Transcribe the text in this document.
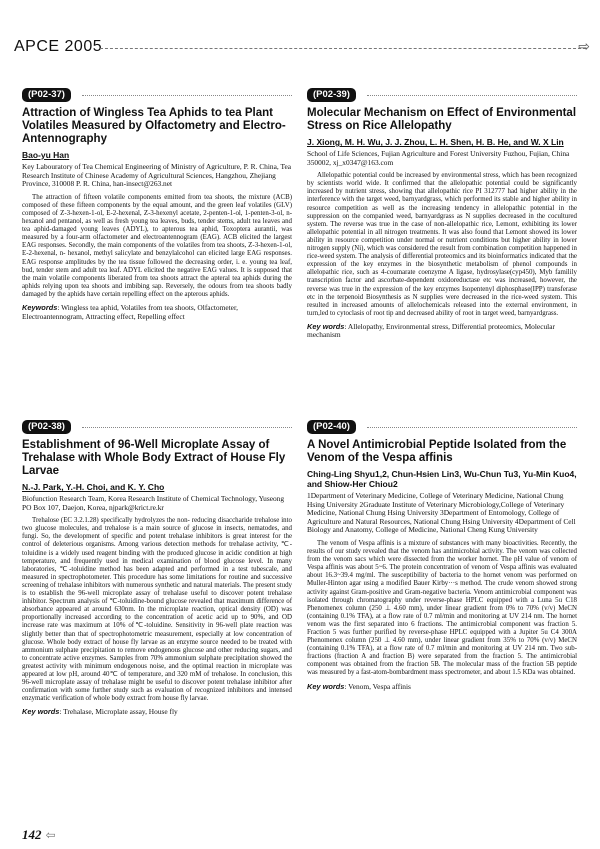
APCE 2005	⇨
(P02-37)
Attraction of Wingless Tea Aphids to tea Plant Volatiles Measured by Olfactometry and Electro-Antennography
Bao-yu Han
Key Labouratory of Tea Chemical Engineering of Ministry of Agriculture, P. R. China, Tea Research Institute of Chinese Academy of Agricultural Sciences, Hangzhou, Zhejiang Province, 310008 P. R. China, han-insect@263.net
The attraction of fifteen volatile components emitted from tea shoots, the mixture (ACB) composed of these fifteen components by the equal amount, and the green leaf volatiles (GLV) composed of Z-3-hexen-1-ol, E-2-hexenal, Z-3-hexenyl acetate, 2-penten-1-ol, 1-penten-3-ol, n-hexanol and pentanol, as well as fresh young tea leaves, buds, tender stems, adult tea leaves and tea aphid-damaged young leaves (ADYL), to apterous tea aphid, Toxoptera aurantii, was measured by a four-arm olfactometer and electroantennogram (EAG). ACB elicited the largest EAG responses. Secondly, the main components of the volatiles from tea shoots, Z-3-hexen-1-ol, E-2-hexenal, n- hexanol, methyl salicylate and benzylalcohol can elicited large EAG responses. EAG response amplitudes by the tea tissue followed the decreasing order, i. e. young tea leaf, bud, tender stem and adult tea leaf. ADYL elicited the negative EAG values. It is supposed that the main volatile components liberated from tea shoots attract the apteral tea aphids during the aphids relying upon tea shoots and imbibing sap. Reversely, the odours from tea shoots badly damaged by the aphids have certain repelling effect on the apterous aphids.
Keywords: Wingless tea aphid, Volatiles from tea shoots, Olfactometer, Electroantennogram, Attracting effect, Repelling effect
(P02-38)
Establishment of 96-Well Microplate Assay of Trehalase with Whole Body Extract of House Fly Larvae
N.-J. Park, Y.-H. Choi, and K. Y. Cho
Biofunction Research Team, Korea Research Institute of Chemical Technology, Yuseong PO Box 107, Daejon, Korea, njpark@krict.re.kr
Trehalose (EC 3.2.1.28) specifically hydrolyzes the non- reducing disaccharide trehalose into two glucose molecules, and trehalose is a main source of glucose in insects, nematodes, and fungi. So, the development of specific and potent trehalase inhibitors is great interest for the control of deleterious organisms. Among various detection methods for trehalase activity, ℃-toluidine is a widely used reagent binding with the produced glucose in acidic condition at high temperature, and frequently used in medical examination of blood glucose level. In many laboratories, ℃-toluidine method has been adapted and performed in a test tubescale, and measured in spectrophotometer. This procedure has some limitations for routine and successive screening of trehalase inhibitors with numerous synthetic and natural materials. The present study is to establish the 96-well microplate assay of trehalase useful to discover potent trehalase inhibitor. Spectrum analysis of ℃-toluidine-bound glucose revealed that maximum difference of absorbance appeared at around 630nm. In the microplate reaction, optical density (OD) was proportionally increased according to the concentration of acetic acid up to 90%, and OD increase rate was maximum at 10% of℃-toluidine. Sensitivity in 96-well plate reaction was slightly better than that of spectrophotometric measurement, especially at low concentration of glucose. Whole body extract of house fly larvae as an enzyme source needed to be treated with ammonium sulphate precipitation to remove endogenous glucose and other reducing sugars, and to concentrate active enzymes. Samples from 70% ammonium sulphate precipitation showed the greatest activity with minimum endogenous noise, and the optimal reaction in microplate was appeared at low pH, around 40℃ of temperature, and 320 mM of trehalose. In conclusion, this 96-well microplate assay of trehalase might be useful to discover potent trehalase inhibitor after confirmation with some further study such as evaluation of recognized inhibitors and intensed enzymatic verification of whole body extract from house fly larvae.
Key words: Trehalase, Microplate assay, House fly
(P02-39)
Molecular Mechanism on Effect of Environmental Stress on Rice Allelopathy
J. Xiong, M. H. Wu, J. J. Zhou, L. H. Shen, H. B. He, and W. X Lin
School of Life Sciences, Fujian Agriculture and Forest University Fuzhou, Fujian, China 350002, xj_x0347@163.com
Allelopathic potential could be increased by environmental stress, which has been recognized by scientists world wide. It confirmed that the allelopathic potential could be significantly increased by nutrient stress, showing that allelopathic rice PI 312777 had higher ability in the interference with the target weed, barnyardgrass, which performed its stable and higher ability in resource competition as well as the increasing tendency in allelopathic potential in the suppression on the companied weed, barnyardgrass as N supplies decreased in the cocultured system. The reverse was true in the case of non-allelopathic rice, Lemont, exhibiting its lower allelopathic potential in all nitrogen treatments. It was also found that Lemont showed its lower ability in resource competition under normal or nutrient conditions but higher ability in lower nitrogen supply (Ni), which was considered the result from combination competition happened in rice-weed system. The analysis of differential proteomics and its bioinformatics indicated that the expression of the key enzymes in the biosynthetic metabolism of phenol compounds in allelopathic rice, such as 4-coumarate coenzyme A ligase, hydrosylase(cyp450), Myb familily transcription factor and ascorbate-dependent oxidoreductase etc was increased, however, the reverse was true in the expression of the key enzymes Isopentenyl diphosphase(IPP) transferase etc in the terpenoid Biosynthesis as N supplies were decreased in the rice-weed system. This resulted in increased amounts of allelochemicals released into the external environment, in turn,led to cytoclasis of root tip and decreased ability of root in target weed, barnyardgrass.
Key words: Allelopathy, Environmental stress, Differential proteomics, Molecular mechanism
(P02-40)
A Novel Antimicrobial Peptide Isolated from the Venom of the Vespa affinis
Ching-Ling Shyu1,2, Chun-Hsien Lin3, Wu-Chun Tu3, Yu-Min Kuo4, and Shiow-Her Chiou2
1Department of Veterinary Medicine, College of Veterinary Medicine, National Chung Hsing University 2Graduate Institute of Veterinary Microbiology,College of Veterinary Medicine, National Chung Hsing University 3Department of Entomology, College of Agriculture and Natural Resources, National Chung Hsing University 4Department of Cell Biology and Anatomy, College of Medicine, National Cheng Kung University
The venom of Vespa affinis is a mixture of substances with many bioactivities. Recently, the results of our study revealed that the venom has antimicrobial activity. The venom was collected from the venom sacs which were dissected from the worker hornet. The pH value of venom of Vespa affinis was about 5~6. The protein concentration of venom of Vespa affinis was evaluated about 16.3~39.4 mg/ml. The susceptibility of bacteria to the hornet venom was performed on Muller-Hinton agar using a modified Bauer Kirby···s method. The crude venom showed strong activity against Gram-positive and Gram-negative bacteria. Venom antimicrobial component was isolated through chromatography under reverse-phase HPLC equipped with a Luna 5u C18 Phenomenex column (250 ⊥ 4.60 mm), under linear gradient from 0% to 70% (v/v) MeCN (containing 0.1% TFA), at a flow rate of 0.7 ml/min and monitoring at UV 214 nm. The hornet venom was the first separated into 6 fractions. The antimicrobial component was fraction 5. Fraction 5 was further purified by reverse-phase HPLC equipped with a Jupiter 5u C4 300A Phenomenex column (250 ⊥ 4.60 mm), under linear gradient from 35% to 70% (v/v) MeCN (containing 0.1% TFA), at a flow rate of 0.7 ml/min and monitoring at UV 214 nm. Two sub-fractions (fraction A and fraction B) were separated from the fraction 5. The antimicrobial component was obtained from the fraction 5B. The molecular mass of the fraction 5B peptide was measured by a fast-atom-bombardment mass spectrometer, and about 1.5 KDa was obtained.
Key words: Venom, Vespa affinis
142 ⇦
